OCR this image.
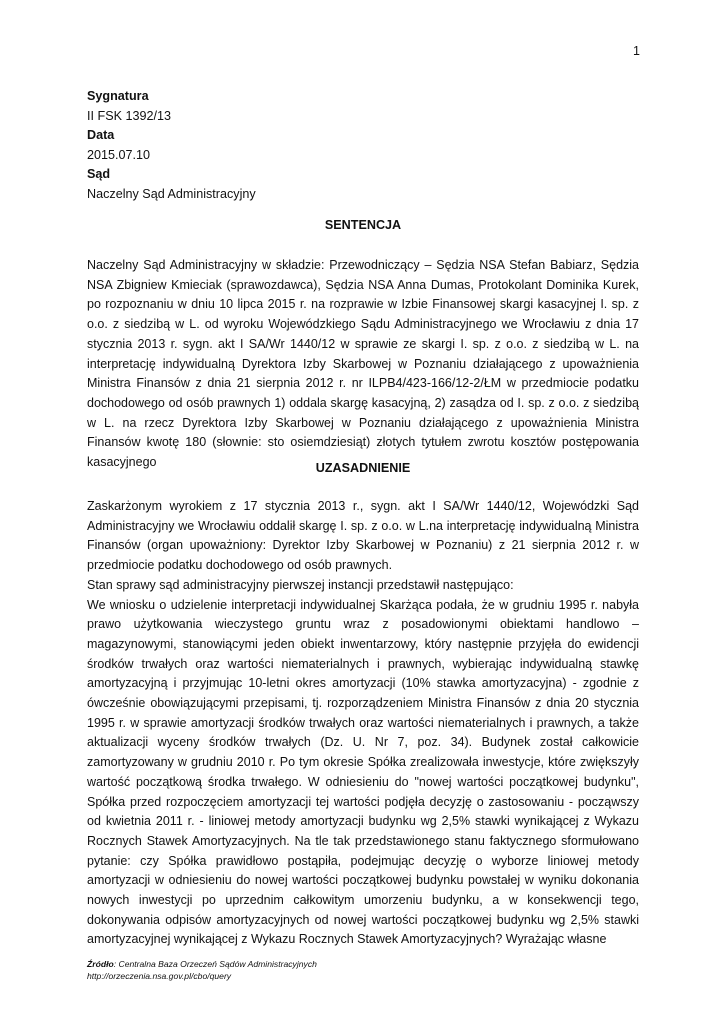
1
Sygnatura
II FSK 1392/13
Data
2015.07.10
Sąd
Naczelny Sąd Administracyjny
SENTENCJA

Naczelny Sąd Administracyjny w składzie: Przewodniczący – Sędzia NSA Stefan Babiarz, Sędzia NSA Zbigniew Kmieciak (sprawozdawca), Sędzia NSA Anna Dumas, Protokolant Dominika Kurek, po rozpoznaniu w dniu 10 lipca 2015 r. na rozprawie w Izbie Finansowej skargi kasacyjnej I. sp. z o.o. z siedzibą w L. od wyroku Wojewódzkiego Sądu Administracyjnego we Wrocławiu z dnia 17 stycznia 2013 r. sygn. akt I SA/Wr 1440/12 w sprawie ze skargi I. sp. z o.o. z siedzibą w L. na interpretację indywidualną Dyrektora Izby Skarbowej w Poznaniu działającego z upoważnienia Ministra Finansów z dnia 21 sierpnia 2012 r. nr ILPB4/423-166/12-2/ŁM w przedmiocie podatku dochodowego od osób prawnych 1) oddala skargę kasacyjną, 2) zasądza od I. sp. z o.o. z siedzibą w L. na rzecz Dyrektora Izby Skarbowej w Poznaniu działającego z upoważnienia Ministra Finansów kwotę 180 (słownie: sto osiemdziesiąt) złotych tytułem zwrotu kosztów postępowania kasacyjnego	UZASADNIENIE

Zaskarżonym wyrokiem z 17 stycznia 2013 r., sygn. akt I SA/Wr 1440/12, Wojewódzki Sąd Administracyjny we Wrocławiu oddalił skargę I. sp. z o.o. w L.na interpretację indywidualną Ministra Finansów (organ upoważniony: Dyrektor Izby Skarbowej w Poznaniu) z 21 sierpnia 2012 r. w przedmiocie podatku dochodowego od osób prawnych.

Stan sprawy sąd administracyjny pierwszej instancji przedstawił następująco:

We wniosku o udzielenie interpretacji indywidualnej Skarżąca podała, że w grudniu 1995 r. nabyła prawo użytkowania wieczystego gruntu wraz z posadowionymi obiektami handlowo – magazynowymi, stanowiącymi jeden obiekt inwentarzowy, który następnie przyjęła do ewidencji środków trwałych oraz wartości niematerialnych i prawnych, wybierając indywidualną stawkę amortyzacyjną i przyjmując 10-letni okres amortyzacji (10% stawka amortyzacyjna) - zgodnie z ówcześnie obowiązującymi przepisami, tj. rozporządzeniem Ministra Finansów z dnia 20 stycznia 1995 r. w sprawie amortyzacji środków trwałych oraz wartości niematerialnych i prawnych, a także aktualizacji wyceny środków trwałych (Dz. U. Nr 7, poz. 34). Budynek został całkowicie zamortyzowany w grudniu 2010 r. Po tym okresie Spółka zrealizowała inwestycje, które zwiększyły wartość początkową środka trwałego. W odniesieniu do "nowej wartości początkowej budynku", Spółka przed rozpoczęciem amortyzacji tej wartości podjęła decyzję o zastosowaniu - począwszy od kwietnia 2011 r. - liniowej metody amortyzacji budynku wg 2,5% stawki wynikającej z Wykazu Rocznych Stawek Amortyzacyjnych. Na tle tak przedstawionego stanu faktycznego sformułowano pytanie: czy Spółka prawidłowo postąpiła, podejmując decyzję o wyborze liniowej metody amortyzacji w odniesieniu do nowej wartości początkowej budynku powstałej w wyniku dokonania nowych inwestycji po uprzednim całkowitym umorzeniu budynku, a w konsekwencji tego, dokonywania odpisów amortyzacyjnych od nowej wartości początkowej budynku wg 2,5% stawki amortyzacyjnej wynikającej z Wykazu Rocznych Stawek Amortyzacyjnych? Wyrażając własne

Źródło: Centralna Baza Orzeczeń Sądów Administracyjnych
http://orzeczenia.nsa.gov.pl/cbo/query
